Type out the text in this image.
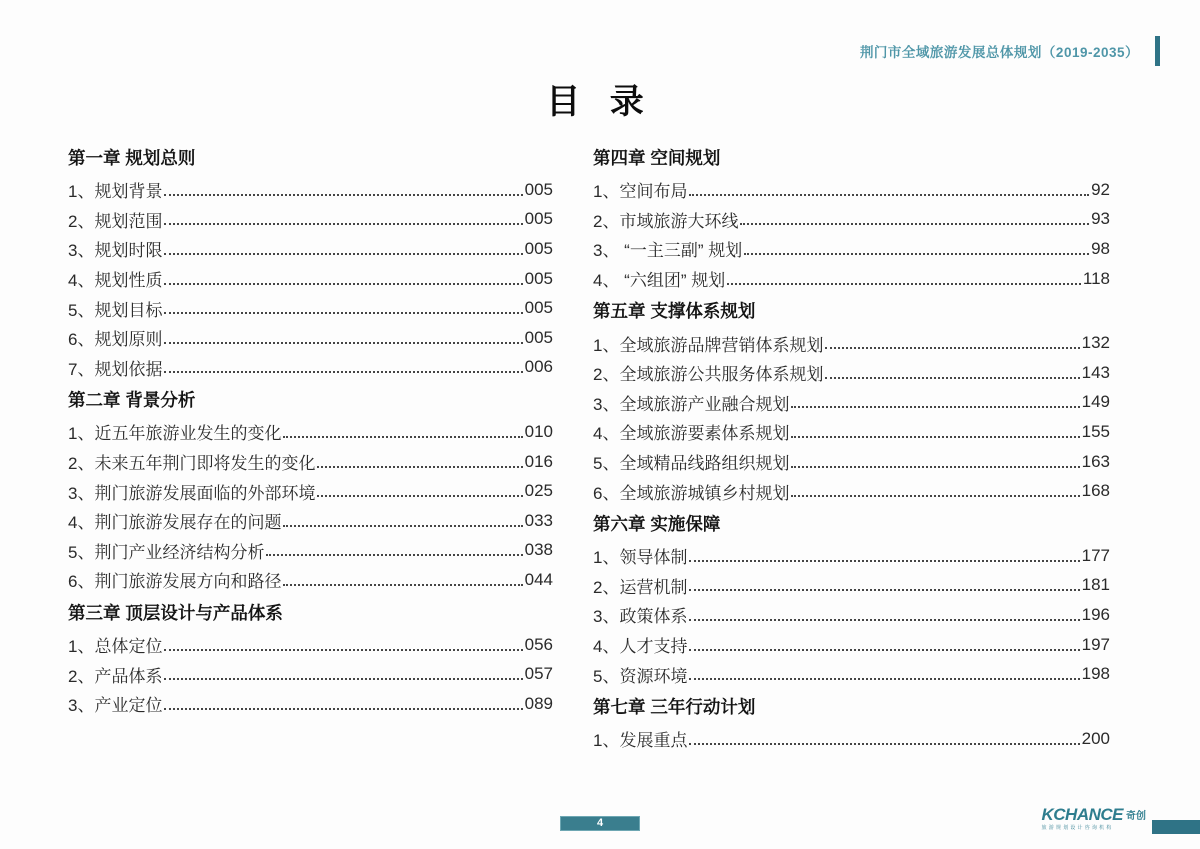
荆门市全域旅游发展总体规划（2019-2035）
目 录
第一章 规划总则
1、规划背景	005
2、规划范围	005
3、规划时限	005
4、规划性质	005
5、规划目标	005
6、规划原则	005
7、规划依据	006
第二章 背景分析
1、近五年旅游业发生的变化	010
2、未来五年荆门即将发生的变化	016
3、荆门旅游发展面临的外部环境	025
4、荆门旅游发展存在的问题	033
5、荆门产业经济结构分析	038
6、荆门旅游发展方向和路径	044
第三章 顶层设计与产品体系
1、总体定位	056
2、产品体系	057
3、产业定位	089
第四章 空间规划
1、空间布局	92
2、市域旅游大环线	93
3、 “一主三副” 规划	98
4、 “六组团” 规划	118
第五章 支撑体系规划
1、全域旅游品牌营销体系规划	132
2、全域旅游公共服务体系规划	143
3、全域旅游产业融合规划	149
4、全域旅游要素体系规划	155
5、全域精品线路组织规划	163
6、全域旅游城镇乡村规划	168
第六章 实施保障
1、领导体制	177
2、运营机制	181
3、政策体系	196
4、人才支持	197
5、资源环境	198
第七章 三年行动计划
1、发展重点	200
4	KCHANCE 奇创
旅游规划设计咨询机构
